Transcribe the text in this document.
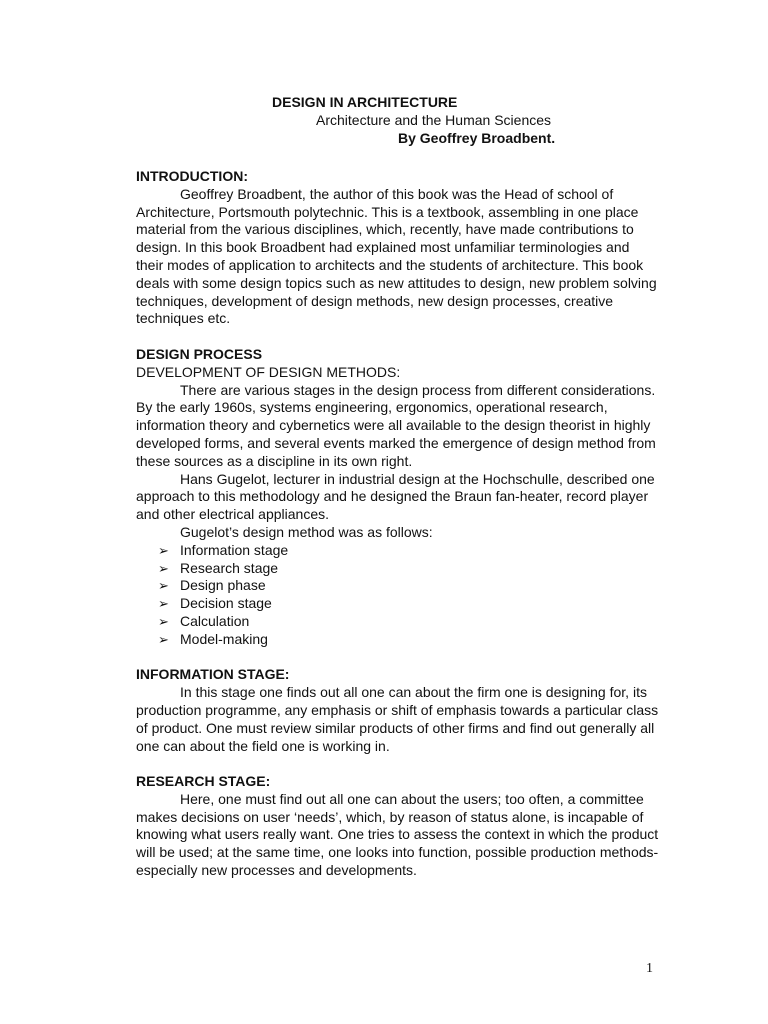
DESIGN IN ARCHITECTURE
Architecture and the Human Sciences
By Geoffrey Broadbent.

INTRODUCTION:

Geoffrey Broadbent, the author of this book was the Head of school of Architecture, Portsmouth polytechnic. This is a textbook, assembling in one place material from the various disciplines, which, recently, have made contributions to design. In this book Broadbent had explained most unfamiliar terminologies and their modes of application to architects and the students of architecture. This book deals with some design topics such as new attitudes to design, new problem solving techniques, development of design methods, new design processes, creative techniques etc.

DESIGN PROCESS

DEVELOPMENT OF DESIGN METHODS:

There are various stages in the design process from different considerations. By the early 1960s, systems engineering, ergonomics, operational research, information theory and cybernetics were all available to the design theorist in highly developed forms, and several events marked the emergence of design method from these sources as a discipline in its own right.

Hans Gugelot, lecturer in industrial design at the Hochschulle, described one approach to this methodology and he designed the Braun fan-heater, record player and other electrical appliances.

Gugelot’s design method was as follows:

➢ Information stage
➢ Research stage
➢ Design phase
➢ Decision stage
➢ Calculation
➢ Model-making

INFORMATION STAGE:

In this stage one finds out all one can about the firm one is designing for, its production programme, any emphasis or shift of emphasis towards a particular class of product. One must review similar products of other firms and find out generally all one can about the field one is working in.

RESEARCH STAGE:

Here, one must find out all one can about the users; too often, a committee makes decisions on user ‘needs’, which, by reason of status alone, is incapable of knowing what users really want. One tries to assess the context in which the product will be used; at the same time, one looks into function, possible production methods- especially new processes and developments.

1
